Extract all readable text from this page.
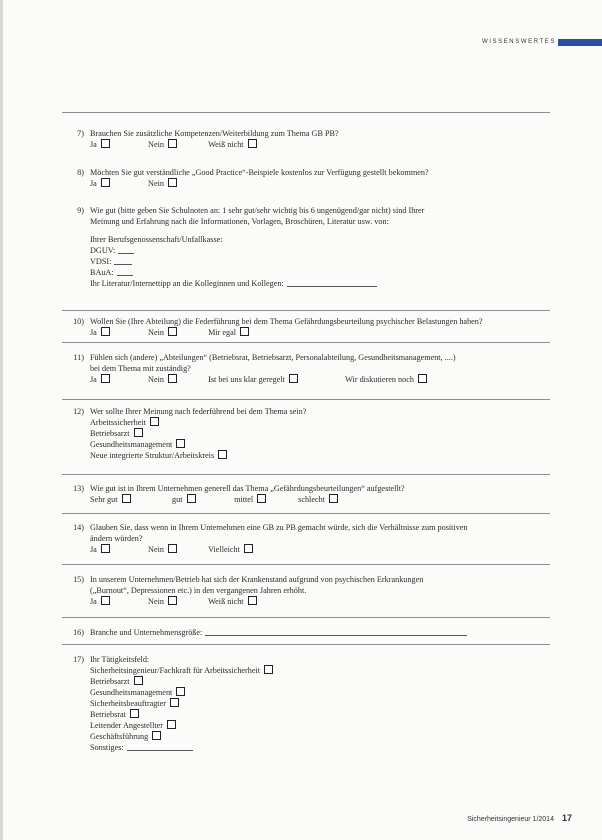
WISSENSWERTES
7) Brauchen Sie zusätzliche Kompetenzen/Weiterbildung zum Thema GB PB?
Ja	Nein	Weiß nicht
8) Möchten Sie gut verständliche „Good Practice“-Beispiele kostenlos zur Verfügung gestellt bekommen?
Ja	Nein
9) Wie gut (bitte geben Sie Schulnoten an: 1 sehr gut/sehr wichtig bis 6 ungenügend/gar nicht) sind Ihrer
Meinung und Erfahrung nach die Informationen, Vorlagen, Broschüren, Literatur usw. von:
Ihrer Berufsgenossenschaft/Unfallkasse:
DGUV:
VDSI:
BAuA:
Ihr Literatur/Internettipp an die Kolleginnen und Kollegen:
10) Wollen Sie (Ihre Abteilung) die Federführung bei dem Thema Gefährdungsbeurteilung psychischer Belastungen haben?
Ja	Nein	Mir egal
11) Fühlen sich (andere) „Abteilungen“ (Betriebsrat, Betriebsarzt, Personalabteilung, Gesundheitsmanagement, ....)
bei dem Thema mit zuständig?
Ja	Nein	Ist bei uns klar geregelt	Wir diskutieren noch
12) Wer sollte Ihrer Meinung nach federführend bei dem Thema sein?
Arbeitssicherheit
Betriebsarzt
Gesundheitsmanagement
Neue integrierte Struktur/Arbeitskreis
13) Wie gut ist in Ihrem Unternehmen generell das Thema „Gefährdungsbeurteilungen“ aufgestellt?
Sehr gut	gut	mittel	schlecht
14) Glauben Sie, dass wenn in Ihrem Unternehmen eine GB zu PB gemacht würde, sich die Verhältnisse zum positiven
ändern würden?
Ja	Nein	Vielleicht
15) In unserem Unternehmen/Betrieb hat sich der Krankenstand aufgrund von psychischen Erkrankungen
(„Burnout“, Depressionen etc.) in den vergangenen Jahren erhöht.
Ja	Nein	Weiß nicht
16) Branche und Unternehmensgröße:
17) Ihr Tätigkeitsfeld:
Sicherheitsingenieur/Fachkraft für Arbeitssicherheit
Betriebsarzt
Gesundheitsmanagement
Sicherheitsbeauftragter
Betriebsrat
Leitender Angestellter
Geschäftsführung
Sonstiges:
Sicherheitsingenieur 1/2014 17
